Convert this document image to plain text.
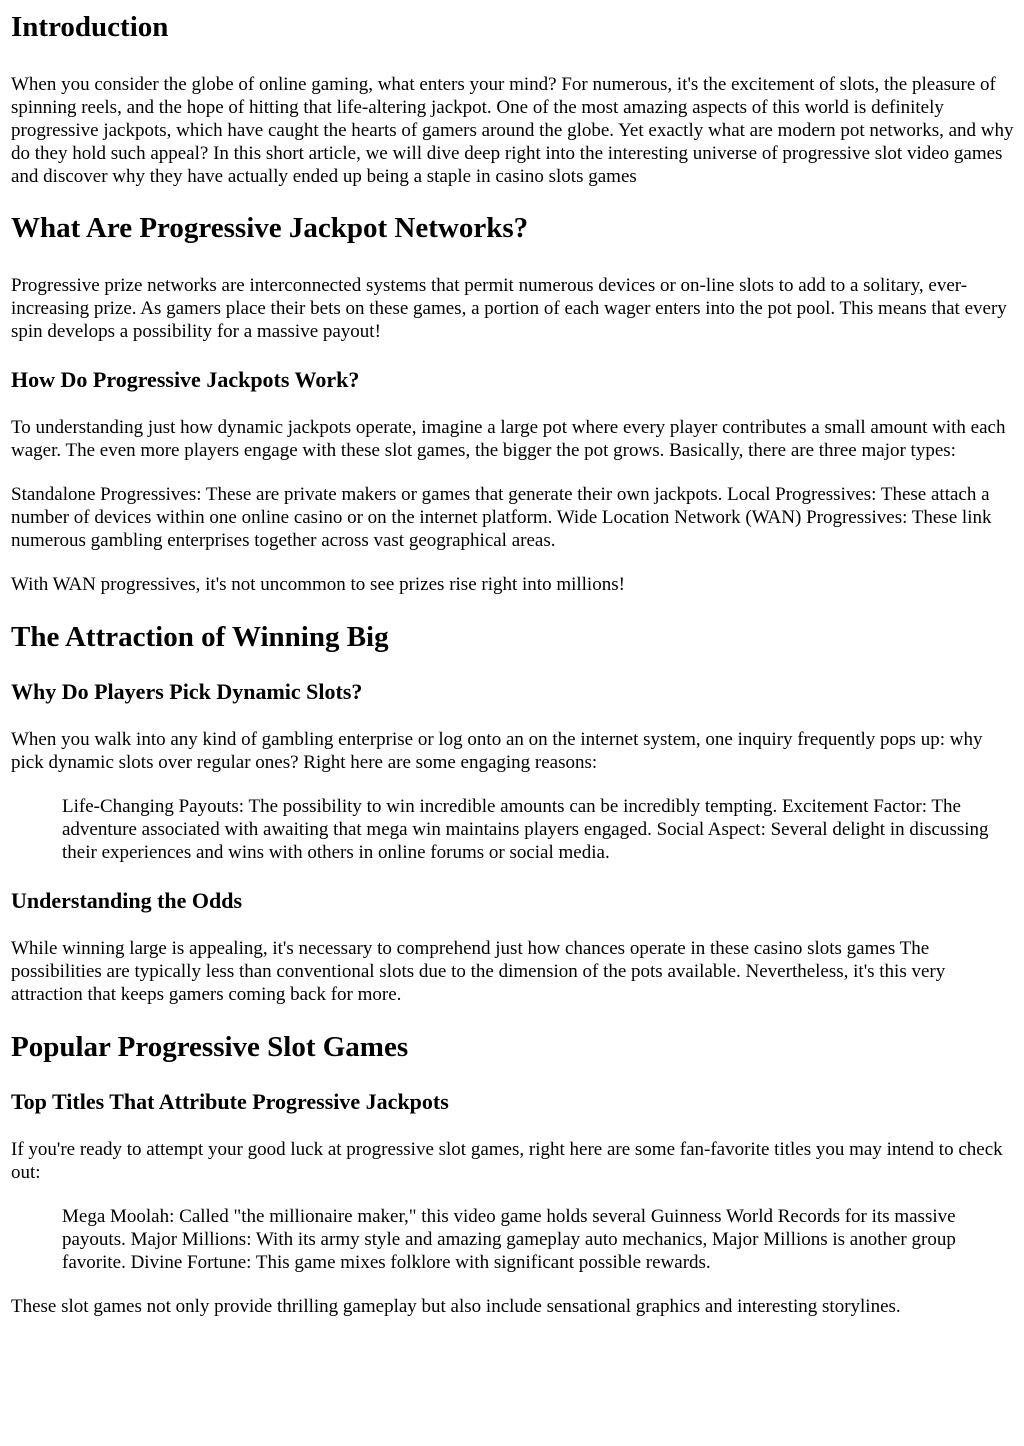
Introduction

When you consider the globe of online gaming, what enters your mind? For numerous, it's the excitement of slots, the pleasure of spinning reels, and the hope of hitting that life-altering jackpot. One of the most amazing aspects of this world is definitely progressive jackpots, which have caught the hearts of gamers around the globe. Yet exactly what are modern pot networks, and why do they hold such appeal? In this short article, we will dive deep right into the interesting universe of progressive slot video games and discover why they have actually ended up being a staple in casino slots games

What Are Progressive Jackpot Networks?

Progressive prize networks are interconnected systems that permit numerous devices or on-line slots to add to a solitary, ever-increasing prize. As gamers place their bets on these games, a portion of each wager enters into the pot pool. This means that every spin develops a possibility for a massive payout!

How Do Progressive Jackpots Work?

To understanding just how dynamic jackpots operate, imagine a large pot where every player contributes a small amount with each wager. The even more players engage with these slot games, the bigger the pot grows. Basically, there are three major types:

Standalone Progressives: These are private makers or games that generate their own jackpots. Local Progressives: These attach a number of devices within one online casino or on the internet platform. Wide Location Network (WAN) Progressives: These link numerous gambling enterprises together across vast geographical areas.

With WAN progressives, it's not uncommon to see prizes rise right into millions!

The Attraction of Winning Big
Why Do Players Pick Dynamic Slots?

When you walk into any kind of gambling enterprise or log onto an on the internet system, one inquiry frequently pops up: why pick dynamic slots over regular ones? Right here are some engaging reasons:

Life-Changing Payouts: The possibility to win incredible amounts can be incredibly tempting. Excitement Factor: The adventure associated with awaiting that mega win maintains players engaged. Social Aspect: Several delight in discussing their experiences and wins with others in online forums or social media.
Understanding the Odds

While winning large is appealing, it's necessary to comprehend just how chances operate in these casino slots games The possibilities are typically less than conventional slots due to the dimension of the pots available. Nevertheless, it's this very attraction that keeps gamers coming back for more.

Popular Progressive Slot Games
Top Titles That Attribute Progressive Jackpots

If you're ready to attempt your good luck at progressive slot games, right here are some fan-favorite titles you may intend to check out:

Mega Moolah: Called "the millionaire maker," this video game holds several Guinness World Records for its massive payouts. Major Millions: With its army style and amazing gameplay auto mechanics, Major Millions is another group favorite. Divine Fortune: This game mixes folklore with significant possible rewards.

These slot games not only provide thrilling gameplay but also include sensational graphics and interesting storylines.
